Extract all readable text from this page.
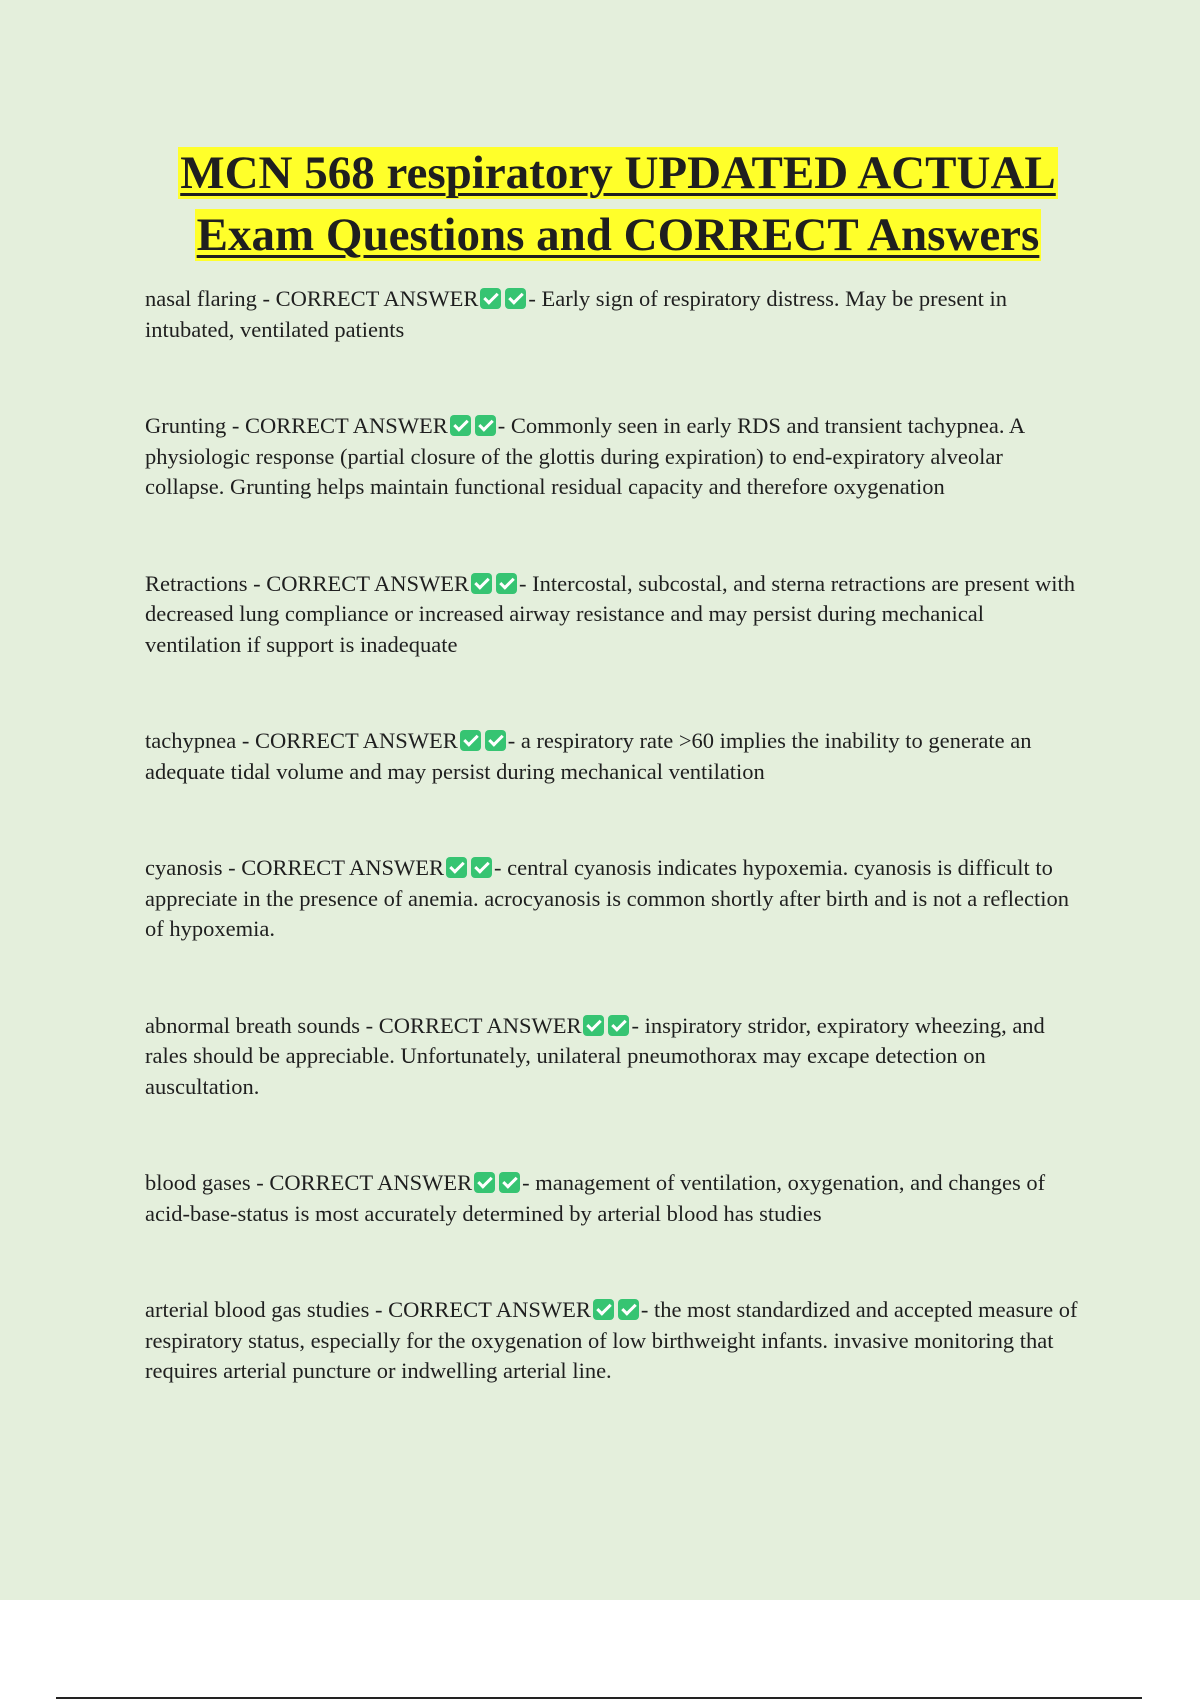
MCN 568 respiratory UPDATED ACTUAL
Exam Questions and CORRECT Answers

nasal flaring - CORRECT ANSWER - Early sign of respiratory distress. May be present in intubated, ventilated patients

Grunting - CORRECT ANSWER - Commonly seen in early RDS and transient tachypnea. A physiologic response (partial closure of the glottis during expiration) to end-expiratory alveolar collapse. Grunting helps maintain functional residual capacity and therefore oxygenation

Retractions - CORRECT ANSWER - Intercostal, subcostal, and sterna retractions are present with decreased lung compliance or increased airway resistance and may persist during mechanical ventilation if support is inadequate

tachypnea - CORRECT ANSWER - a respiratory rate >60 implies the inability to generate an adequate tidal volume and may persist during mechanical ventilation

cyanosis - CORRECT ANSWER - central cyanosis indicates hypoxemia. cyanosis is difficult to appreciate in the presence of anemia. acrocyanosis is common shortly after birth and is not a reflection of hypoxemia.

abnormal breath sounds - CORRECT ANSWER - inspiratory stridor, expiratory wheezing, and rales should be appreciable. Unfortunately, unilateral pneumothorax may excape detection on auscultation.

blood gases - CORRECT ANSWER - management of ventilation, oxygenation, and changes of acid-base-status is most accurately determined by arterial blood has studies

arterial blood gas studies - CORRECT ANSWER - the most standardized and accepted measure of respiratory status, especially for the oxygenation of low birthweight infants. invasive monitoring that requires arterial puncture or indwelling arterial line.
